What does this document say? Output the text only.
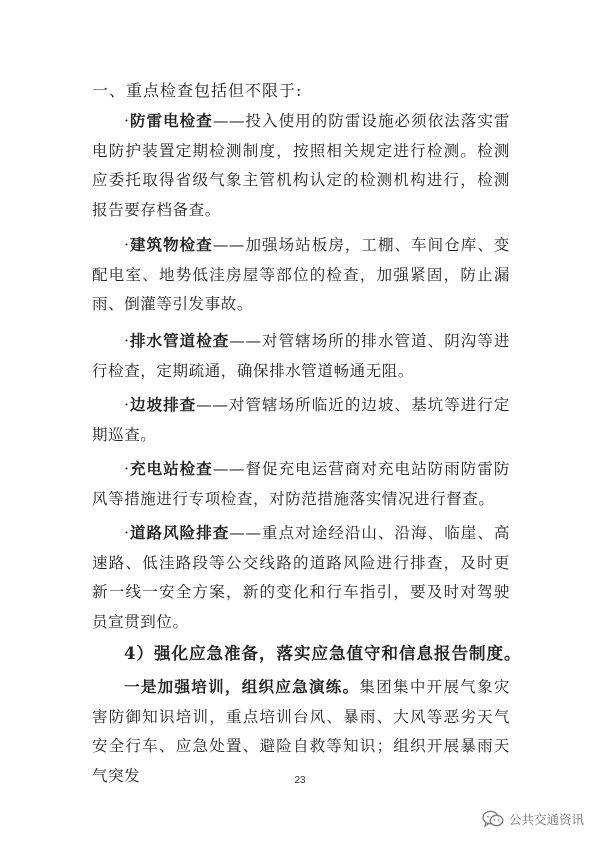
一、重点检查包括但不限于:
·防雷电检查——投入使用的防雷设施必须依法落实雷电防护装置定期检测制度，按照相关规定进行检测。检测应委托取得省级气象主管机构认定的检测机构进行，检测报告要存档备查。
·建筑物检查——加强场站板房，工棚、车间仓库、变配电室、地势低洼房屋等部位的检查，加强紧固，防止漏雨、倒灌等引发事故。
·排水管道检查——对管辖场所的排水管道、阴沟等进行检查，定期疏通，确保排水管道畅通无阻。
·边坡排查——对管辖场所临近的边坡、基坑等进行定期巡查。
·充电站检查——督促充电运营商对充电站防雨防雷防风等措施进行专项检查，对防范措施落实情况进行督查。
·道路风险排查——重点对途经沿山、沿海、临崖、高速路、低洼路段等公交线路的道路风险进行排查，及时更新一线一安全方案，新的变化和行车指引，要及时对驾驶员宣贯到位。
4）强化应急准备，落实应急值守和信息报告制度。
一是加强培训，组织应急演练。集团集中开展气象灾害防御知识培训，重点培训台风、暴雨、大风等恶劣天气安全行车、应急处置、避险自救等知识；组织开展暴雨天气突发	23
公共交通资讯
